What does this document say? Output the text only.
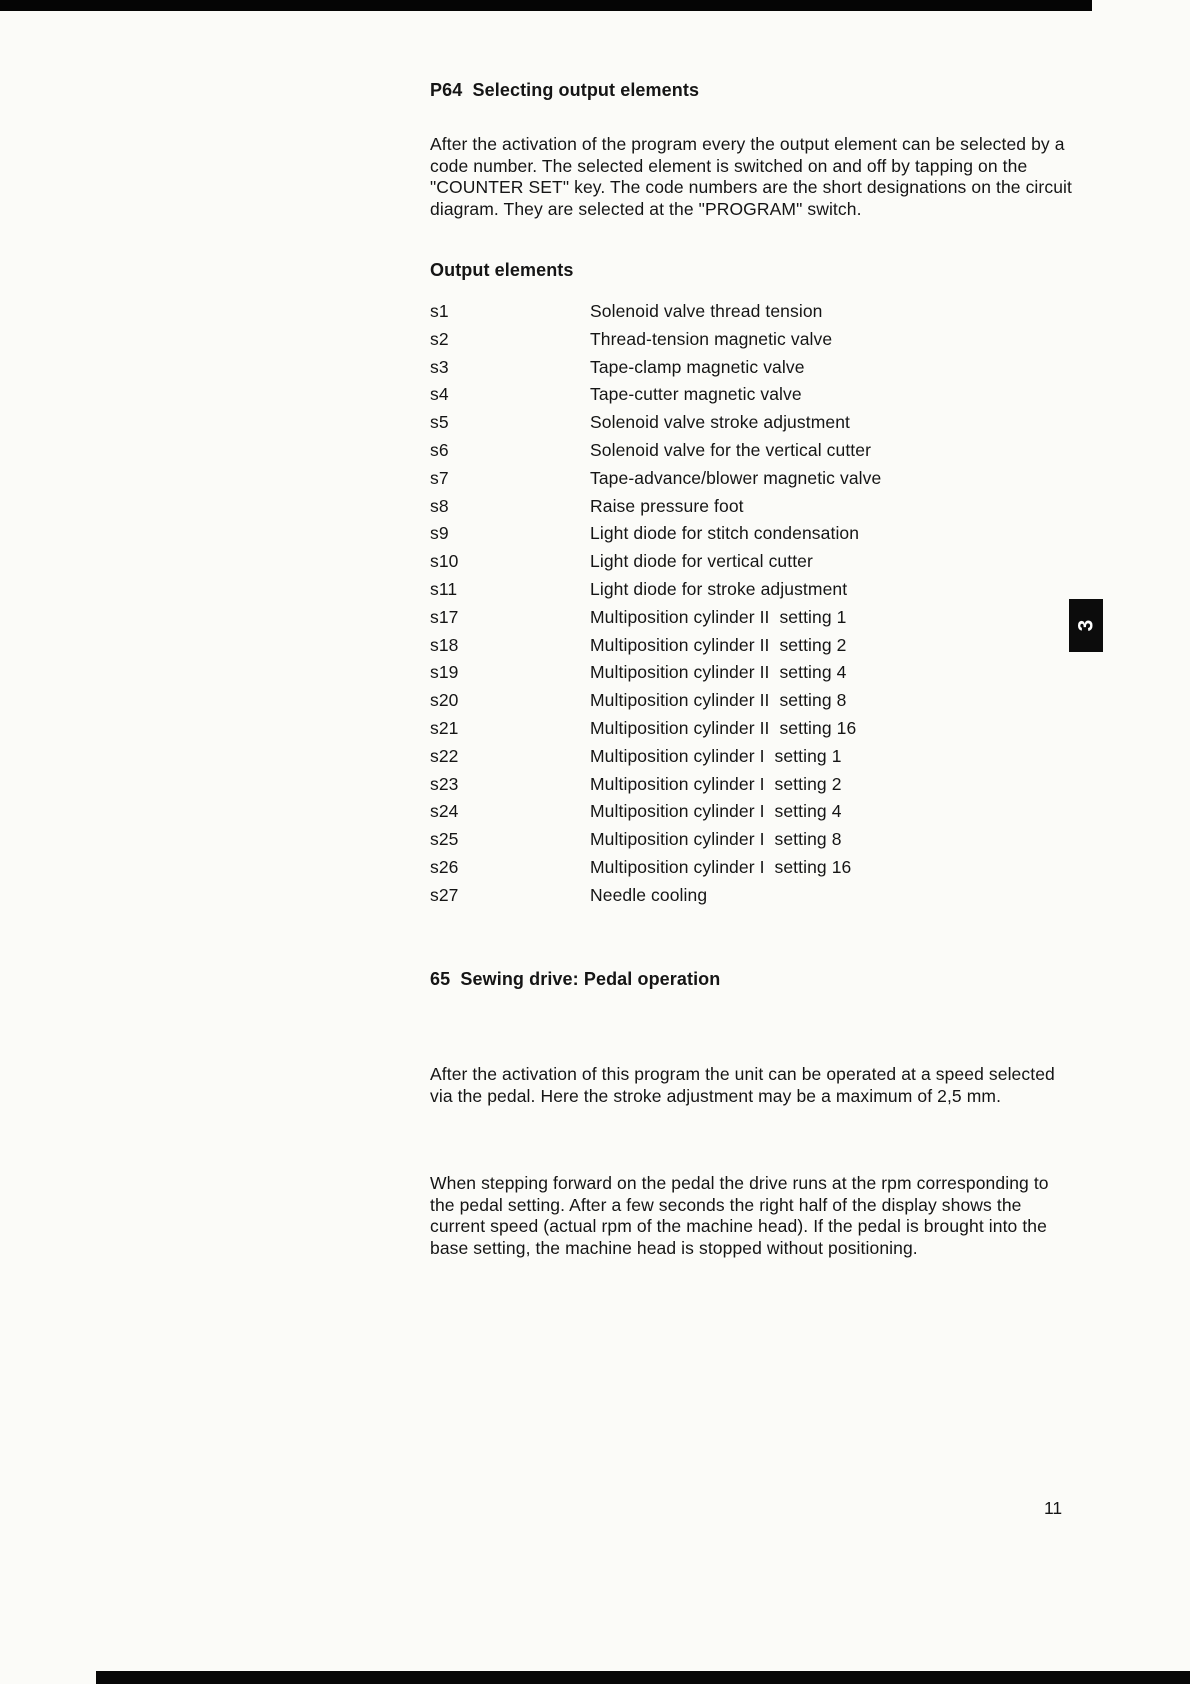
P64  Selecting output elements
After the activation of the program every the output element can be selected by a code number. The selected element is switched on and off by tapping on the  "COUNTER SET" key. The code numbers are the short designations on the circuit diagram. They are selected at the "PROGRAM" switch.
Output elements
s1	Solenoid valve thread tension
s2	Thread-tension magnetic valve
s3	Tape-clamp magnetic valve
s4	Tape-cutter magnetic valve
s5	Solenoid valve stroke adjustment
s6	Solenoid valve for the vertical cutter
s7	Tape-advance/blower magnetic valve
s8	Raise pressure foot
s9	Light diode for stitch condensation
s10	Light diode for vertical cutter
s11	Light diode for stroke adjustment
s17	Multiposition cylinder II  setting 1
s18	Multiposition cylinder II  setting 2
s19	Multiposition cylinder II  setting 4
s20	Multiposition cylinder II  setting 8
s21	Multiposition cylinder II  setting 16
s22	Multiposition cylinder I  setting 1
s23	Multiposition cylinder I  setting 2
s24	Multiposition cylinder I  setting 4
s25	Multiposition cylinder I  setting 8
s26	Multiposition cylinder I  setting 16
s27	Needle cooling
3
65  Sewing drive: Pedal operation

After the activation of this program the unit can be operated at a speed selected via the pedal. Here the stroke adjustment may be a maximum of 2,5 mm.

When stepping forward on the pedal the drive runs at the rpm corresponding to the pedal setting. After a few seconds the right half of the display shows the current speed (actual rpm of the machine head). If the pedal is brought into the  base setting, the machine head is stopped without positioning.

11
